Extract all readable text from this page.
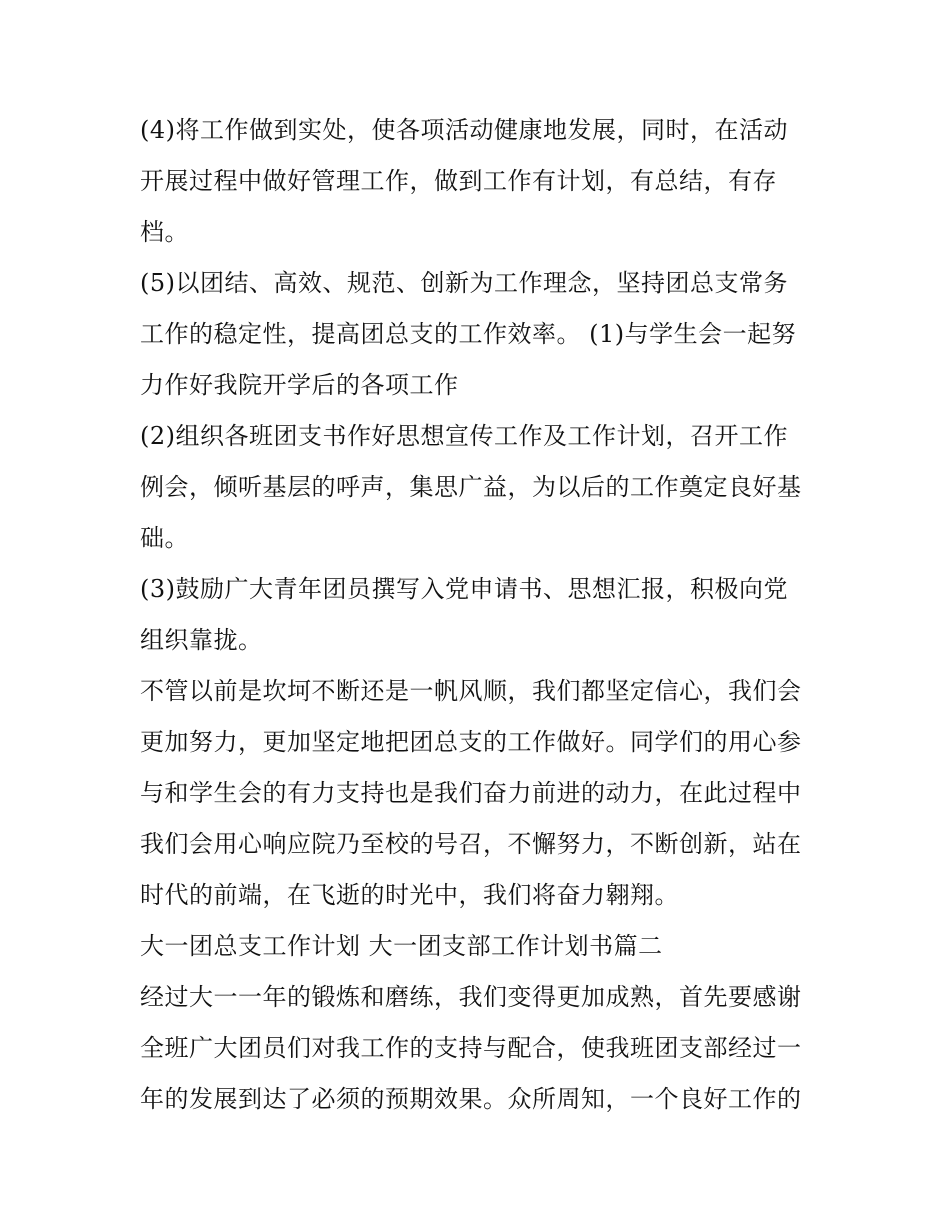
(4)将工作做到实处，使各项活动健康地发展，同时，在活动

开展过程中做好管理工作，做到工作有计划，有总结，有存

档。

(5)以团结、高效、规范、创新为工作理念，坚持团总支常务

工作的稳定性，提高团总支的工作效率。 (1)与学生会一起努

力作好我院开学后的各项工作

(2)组织各班团支书作好思想宣传工作及工作计划，召开工作

例会，倾听基层的呼声，集思广益，为以后的工作奠定良好基

础。

(3)鼓励广大青年团员撰写入党申请书、思想汇报，积极向党

组织靠拢。

不管以前是坎坷不断还是一帆风顺，我们都坚定信心，我们会

更加努力，更加坚定地把团总支的工作做好。同学们的用心参

与和学生会的有力支持也是我们奋力前进的动力，在此过程中

我们会用心响应院乃至校的号召，不懈努力，不断创新，站在

时代的前端，在飞逝的时光中，我们将奋力翱翔。

大一团总支工作计划 大一团支部工作计划书篇二

经过大一一年的锻炼和磨练，我们变得更加成熟，首先要感谢

全班广大团员们对我工作的支持与配合，使我班团支部经过一

年的发展到达了必须的预期效果。众所周知，一个良好工作的
